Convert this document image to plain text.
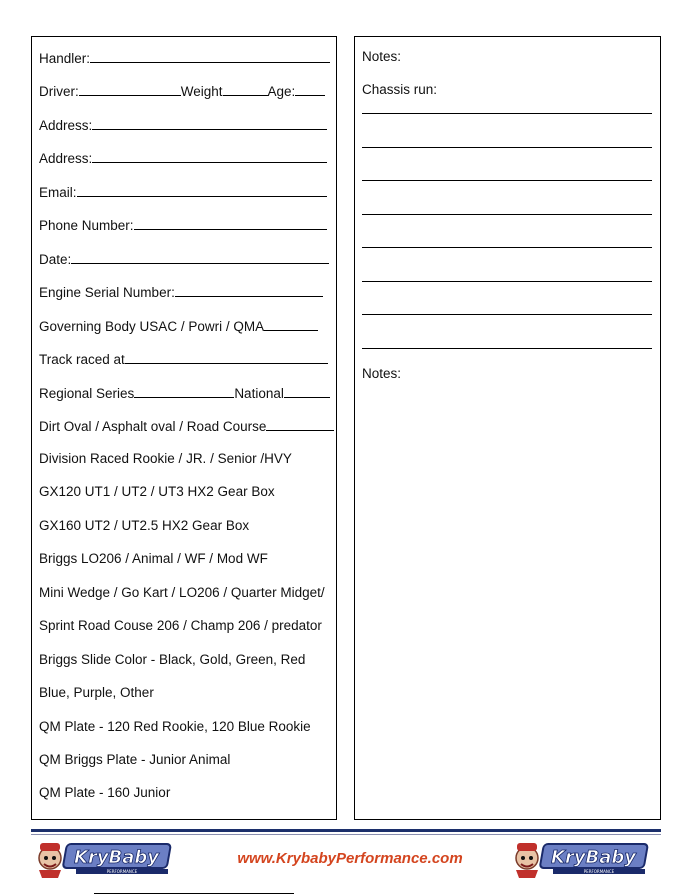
Handler:
Driver:	Weight	Age:
Address:
Address:
Email:
Phone Number:
Date:
Engine Serial Number:
Governing Body USAC / Powri / QMA
Track raced at
Regional Series	National
Dirt Oval / Asphalt oval / Road Course
Division Raced Rookie / JR. / Senior /HVY
GX120 UT1 / UT2 / UT3 HX2 Gear Box
GX160 UT2 / UT2.5 HX2 Gear Box
Briggs LO206 / Animal / WF / Mod WF
Mini Wedge / Go Kart / LO206 / Quarter Midget/
Sprint Road Couse 206 / Champ 206 / predator
Briggs Slide Color - Black, Gold, Green, Red
Blue, Purple, Other
QM Plate - 120 Red Rookie, 120 Blue Rookie
QM Briggs Plate - Junior Animal
QM Plate - 160 Junior
Notes:
Chassis run:
Notes:
KryBaby
PERFORMANCE
www.KrybabyPerformance.com	KryBaby
PERFORMANCE
